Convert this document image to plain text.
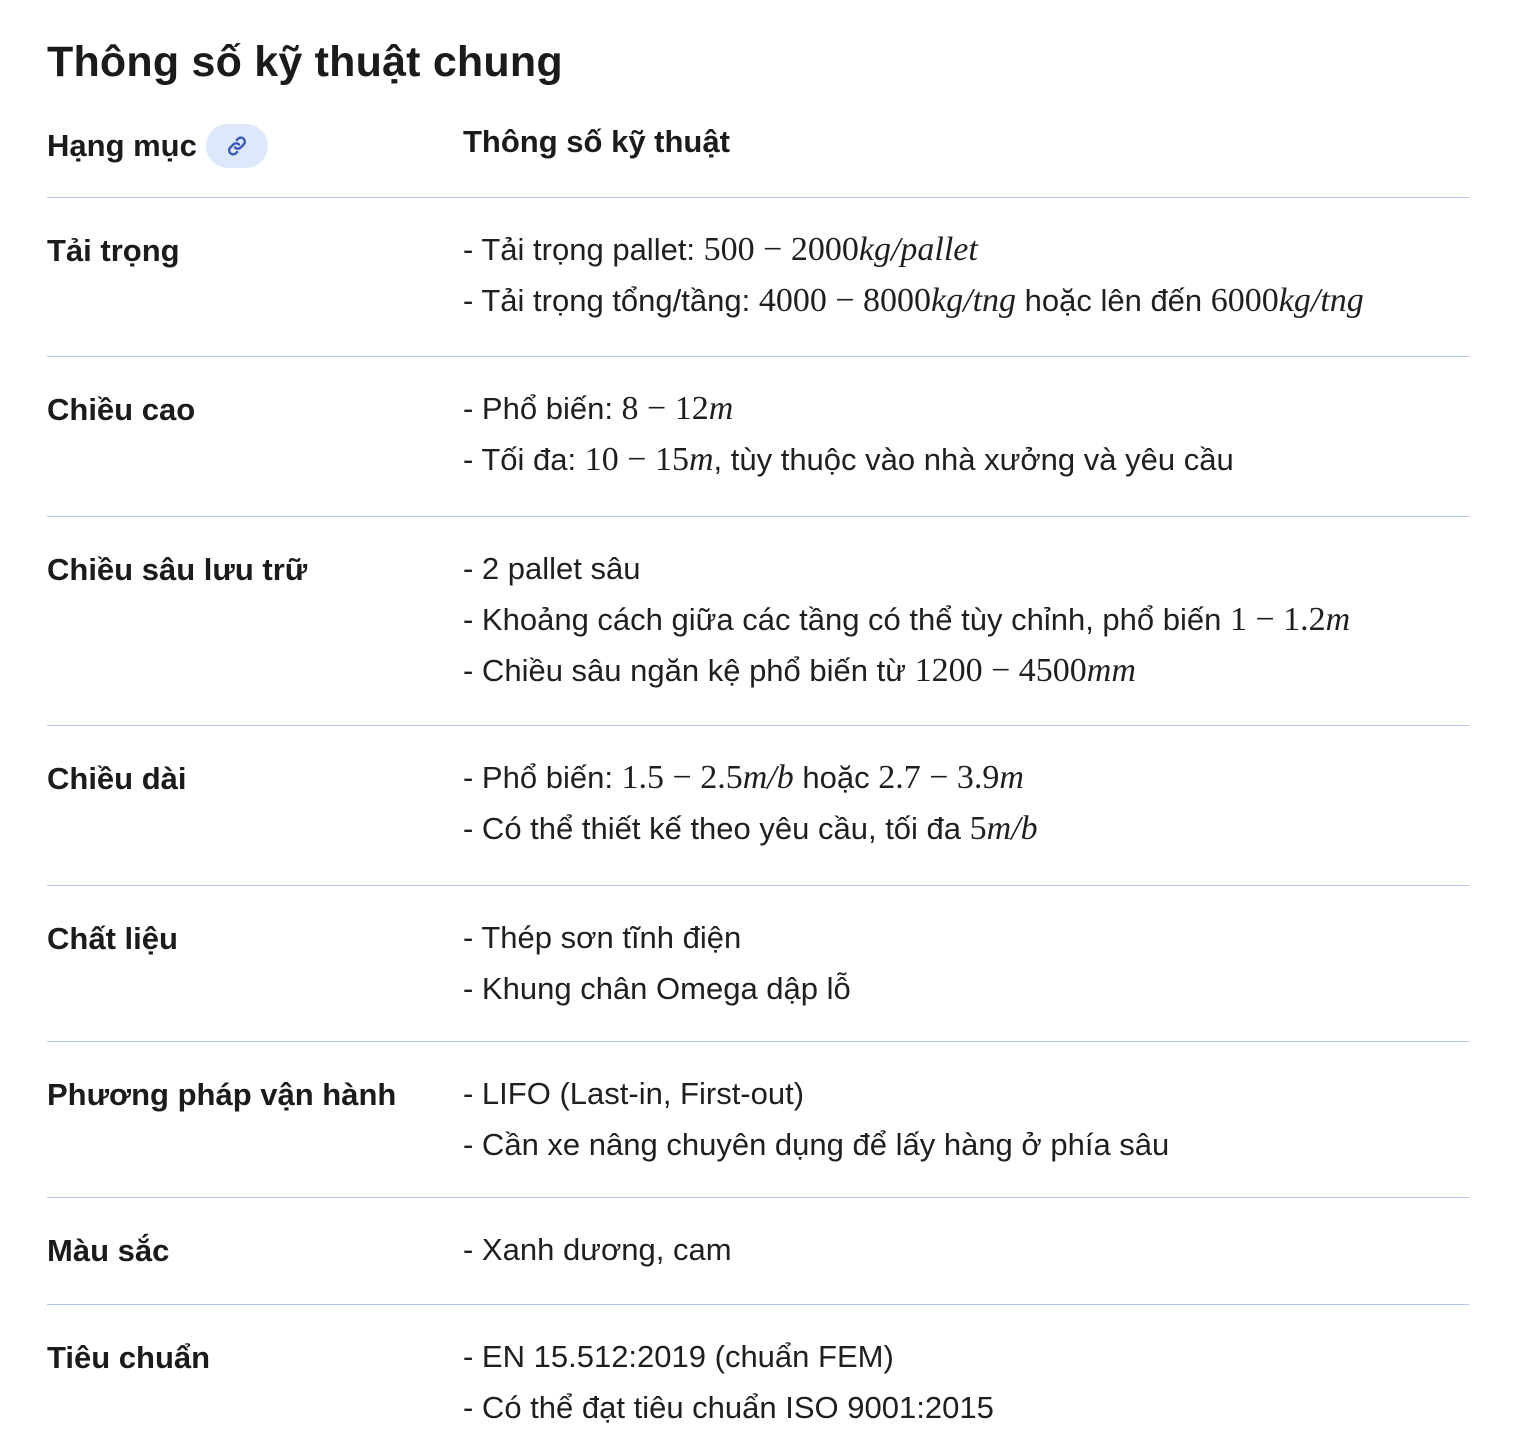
Thông số kỹ thuật chung
Hạng mục	Thông số kỹ thuật
Tải trọng	- Tải trọng pallet: 500 − 2000kg/pallet
- Tải trọng tổng/tầng: 4000 − 8000kg/tng hoặc lên đến 6000kg/tng
Chiều cao	- Phổ biến: 8 − 12m
- Tối đa: 10 − 15m, tùy thuộc vào nhà xưởng và yêu cầu
Chiều sâu lưu trữ	- 2 pallet sâu
- Khoảng cách giữa các tầng có thể tùy chỉnh, phổ biến 1 − 1.2m
- Chiều sâu ngăn kệ phổ biến từ 1200 − 4500mm
Chiều dài	- Phổ biến: 1.5 − 2.5m/b hoặc 2.7 − 3.9m
- Có thể thiết kế theo yêu cầu, tối đa 5m/b
Chất liệu	- Thép sơn tĩnh điện
- Khung chân Omega dập lỗ
Phương pháp vận hành - LIFO (Last-in, First-out)
- Cần xe nâng chuyên dụng để lấy hàng ở phía sâu
Màu sắc	- Xanh dương, cam
Tiêu chuẩn	- EN 15.512:2019 (chuẩn FEM)
- Có thể đạt tiêu chuẩn ISO 9001:2015
